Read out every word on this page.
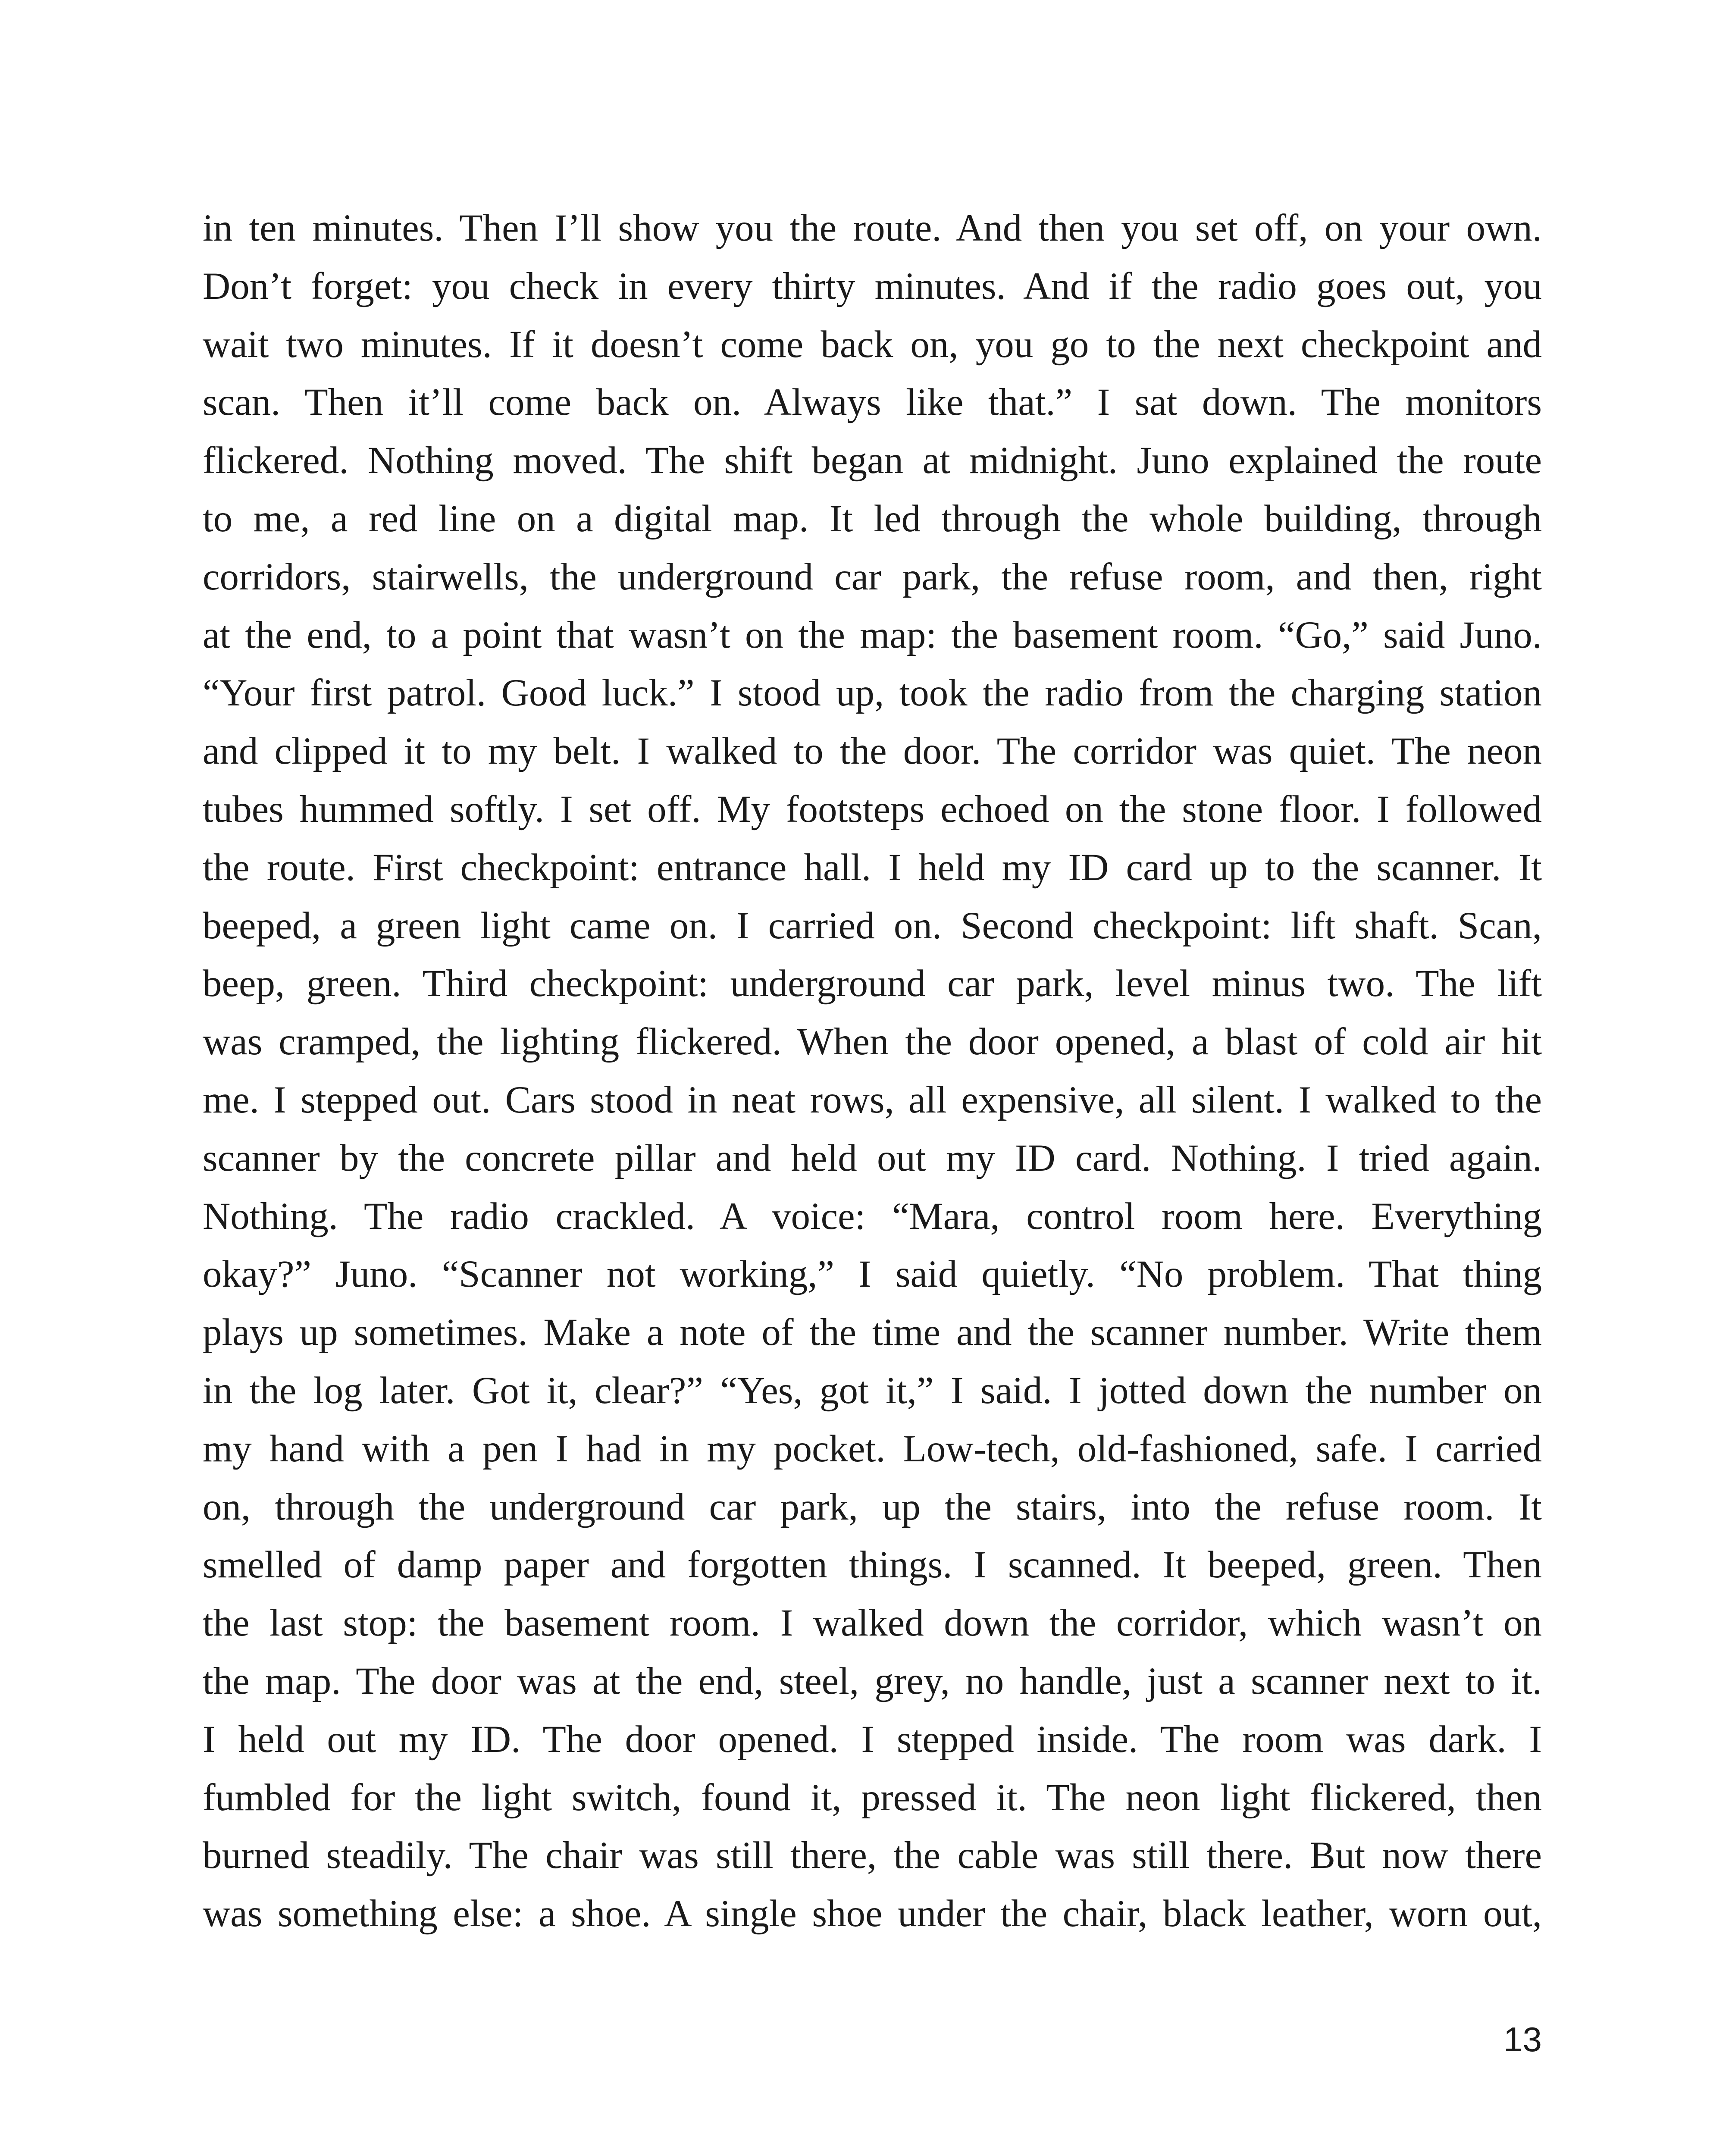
in ten minutes. Then I’ll show you the route. And then you set off, on your own.
Don’t forget: you check in every thirty minutes. And if the radio goes out, you
wait two minutes. If it doesn’t come back on, you go to the next checkpoint and
scan. Then it’ll come back on. Always like that.” I sat down. The monitors
flickered. Nothing moved. The shift began at midnight. Juno explained the route
to me, a red line on a digital map. It led through the whole building, through
corridors, stairwells, the underground car park, the refuse room, and then, right
at the end, to a point that wasn’t on the map: the basement room. “Go,” said Juno.
“Your first patrol. Good luck.” I stood up, took the radio from the charging station
and clipped it to my belt. I walked to the door. The corridor was quiet. The neon
tubes hummed softly. I set off. My footsteps echoed on the stone floor. I followed
the route. First checkpoint: entrance hall. I held my ID card up to the scanner. It
beeped, a green light came on. I carried on. Second checkpoint: lift shaft. Scan,
beep, green. Third checkpoint: underground car park, level minus two. The lift
was cramped, the lighting flickered. When the door opened, a blast of cold air hit
me. I stepped out. Cars stood in neat rows, all expensive, all silent. I walked to the
scanner by the concrete pillar and held out my ID card. Nothing. I tried again.
Nothing. The radio crackled. A voice: “Mara, control room here. Everything
okay?” Juno. “Scanner not working,” I said quietly. “No problem. That thing
plays up sometimes. Make a note of the time and the scanner number. Write them
in the log later. Got it, clear?” “Yes, got it,” I said. I jotted down the number on
my hand with a pen I had in my pocket. Low-tech, old-fashioned, safe. I carried
on, through the underground car park, up the stairs, into the refuse room. It
smelled of damp paper and forgotten things. I scanned. It beeped, green. Then
the last stop: the basement room. I walked down the corridor, which wasn’t on
the map. The door was at the end, steel, grey, no handle, just a scanner next to it.
I held out my ID. The door opened. I stepped inside. The room was dark. I
fumbled for the light switch, found it, pressed it. The neon light flickered, then
burned steadily. The chair was still there, the cable was still there. But now there
was something else: a shoe. A single shoe under the chair, black leather, worn out,
13
